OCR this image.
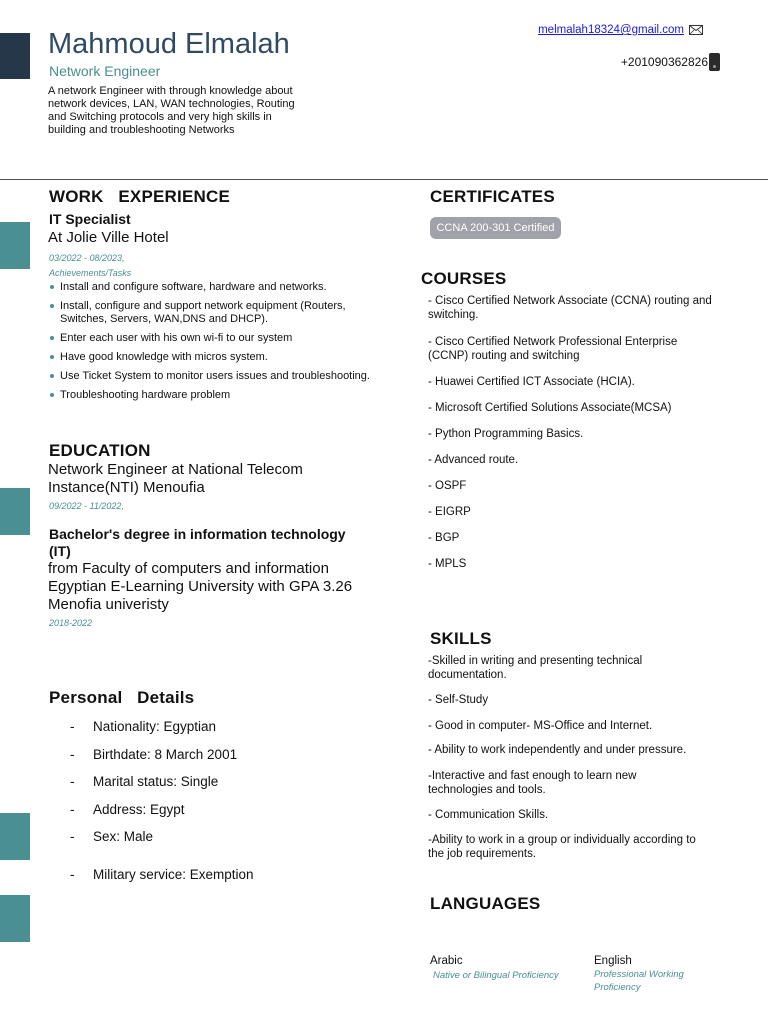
Mahmoud Elmalah
Network Engineer
A network Engineer with through knowledge about network devices, LAN, WAN technologies, Routing and Switching protocols and very high skills in building and troubleshooting Networks
melmalah18324@gmail.com
+201090362826
WORK   EXPERIENCE
IT Specialist
At Jolie Ville Hotel
03/2022 - 08/2023,
Achievements/Tasks
Install and configure software, hardware and networks.
Install, configure and support network equipment (Routers, Switches, Servers, WAN,DNS and DHCP).
Enter each user with his own wi-fi to our system
Have good knowledge with micros system.
Use Ticket System to monitor users issues and troubleshooting.
Troubleshooting hardware problem
EDUCATION
Network Engineer at National Telecom
Instance(NTI) Menoufia
09/2022 - 11/2022,
Bachelor's degree in information technology
(IT)
from Faculty of computers and information
Egyptian E-Learning University with GPA 3.26
Menofia univeristy
2018-2022
Personal   Details
- Nationality: Egyptian
- Birthdate: 8 March 2001
- Marital status: Single
- Address: Egypt
- Sex: Male
- Military service: Exemption
CERTIFICATES
CCNA 200-301 Certified
COURSES
- Cisco Certified Network Associate (CCNA) routing and switching.
- Cisco Certified Network Professional Enterprise (CCNP) routing and switching
- Huawei Certified ICT Associate (HCIA).
- Microsoft Certified Solutions Associate(MCSA)
- Python Programming Basics.
- Advanced route.
- OSPF
- EIGRP
- BGP
- MPLS
SKILLS
-Skilled in writing and presenting technical documentation.
- Self-Study
- Good in computer- MS-Office and Internet.
- Ability to work independently and under pressure.
-Interactive and fast enough to learn new technologies and tools.
- Communication Skills.
-Ability to work in a group or individually according to the job requirements.
LANGUAGES
Arabic
Native or Bilingual Proficiency
English
Professional Working Proficiency
